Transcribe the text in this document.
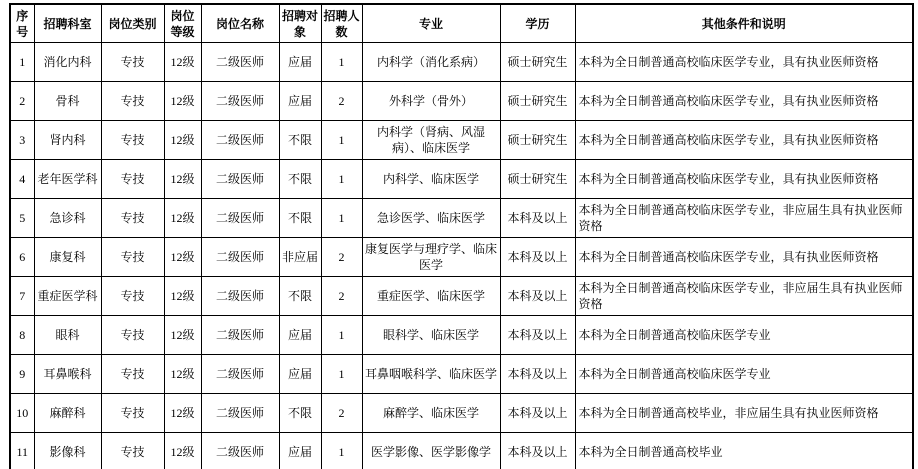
序号	招聘科室	岗位类别	岗位等级	岗位名称	招聘对象	招聘人数	专业	学历	其他条件和说明
1	消化内科	专技	12级	二级医师	应届	1	内科学（消化系病）	硕士研究生	本科为全日制普通高校临床医学专业，具有执业医师资格
2	骨科	专技	12级	二级医师	应届	2	外科学（骨外）	硕士研究生	本科为全日制普通高校临床医学专业，具有执业医师资格
3	肾内科	专技	12级	二级医师	不限	1	内科学（肾病、风湿病）、临床医学	硕士研究生	本科为全日制普通高校临床医学专业，具有执业医师资格
4	老年医学科	专技	12级	二级医师	不限	1	内科学、临床医学	硕士研究生	本科为全日制普通高校临床医学专业，具有执业医师资格
5	急诊科	专技	12级	二级医师	不限	1	急诊医学、临床医学	本科及以上	本科为全日制普通高校临床医学专业，非应届生具有执业医师资格
6	康复科	专技	12级	二级医师	非应届	2	康复医学与理疗学、临床医学	本科及以上	本科为全日制普通高校临床医学专业，具有执业医师资格
7	重症医学科	专技	12级	二级医师	不限	2	重症医学、临床医学	本科及以上	本科为全日制普通高校临床医学专业，非应届生具有执业医师资格
8	眼科	专技	12级	二级医师	应届	1	眼科学、临床医学	本科及以上	本科为全日制普通高校临床医学专业
9	耳鼻喉科	专技	12级	二级医师	应届	1	耳鼻咽喉科学、临床医学	本科及以上	本科为全日制普通高校临床医学专业
10	麻醉科	专技	12级	二级医师	不限	2	麻醉学、临床医学	本科及以上	本科为全日制普通高校毕业，非应届生具有执业医师资格
11	影像科	专技	12级	二级医师	应届	1	医学影像、医学影像学	本科及以上	本科为全日制普通高校毕业
